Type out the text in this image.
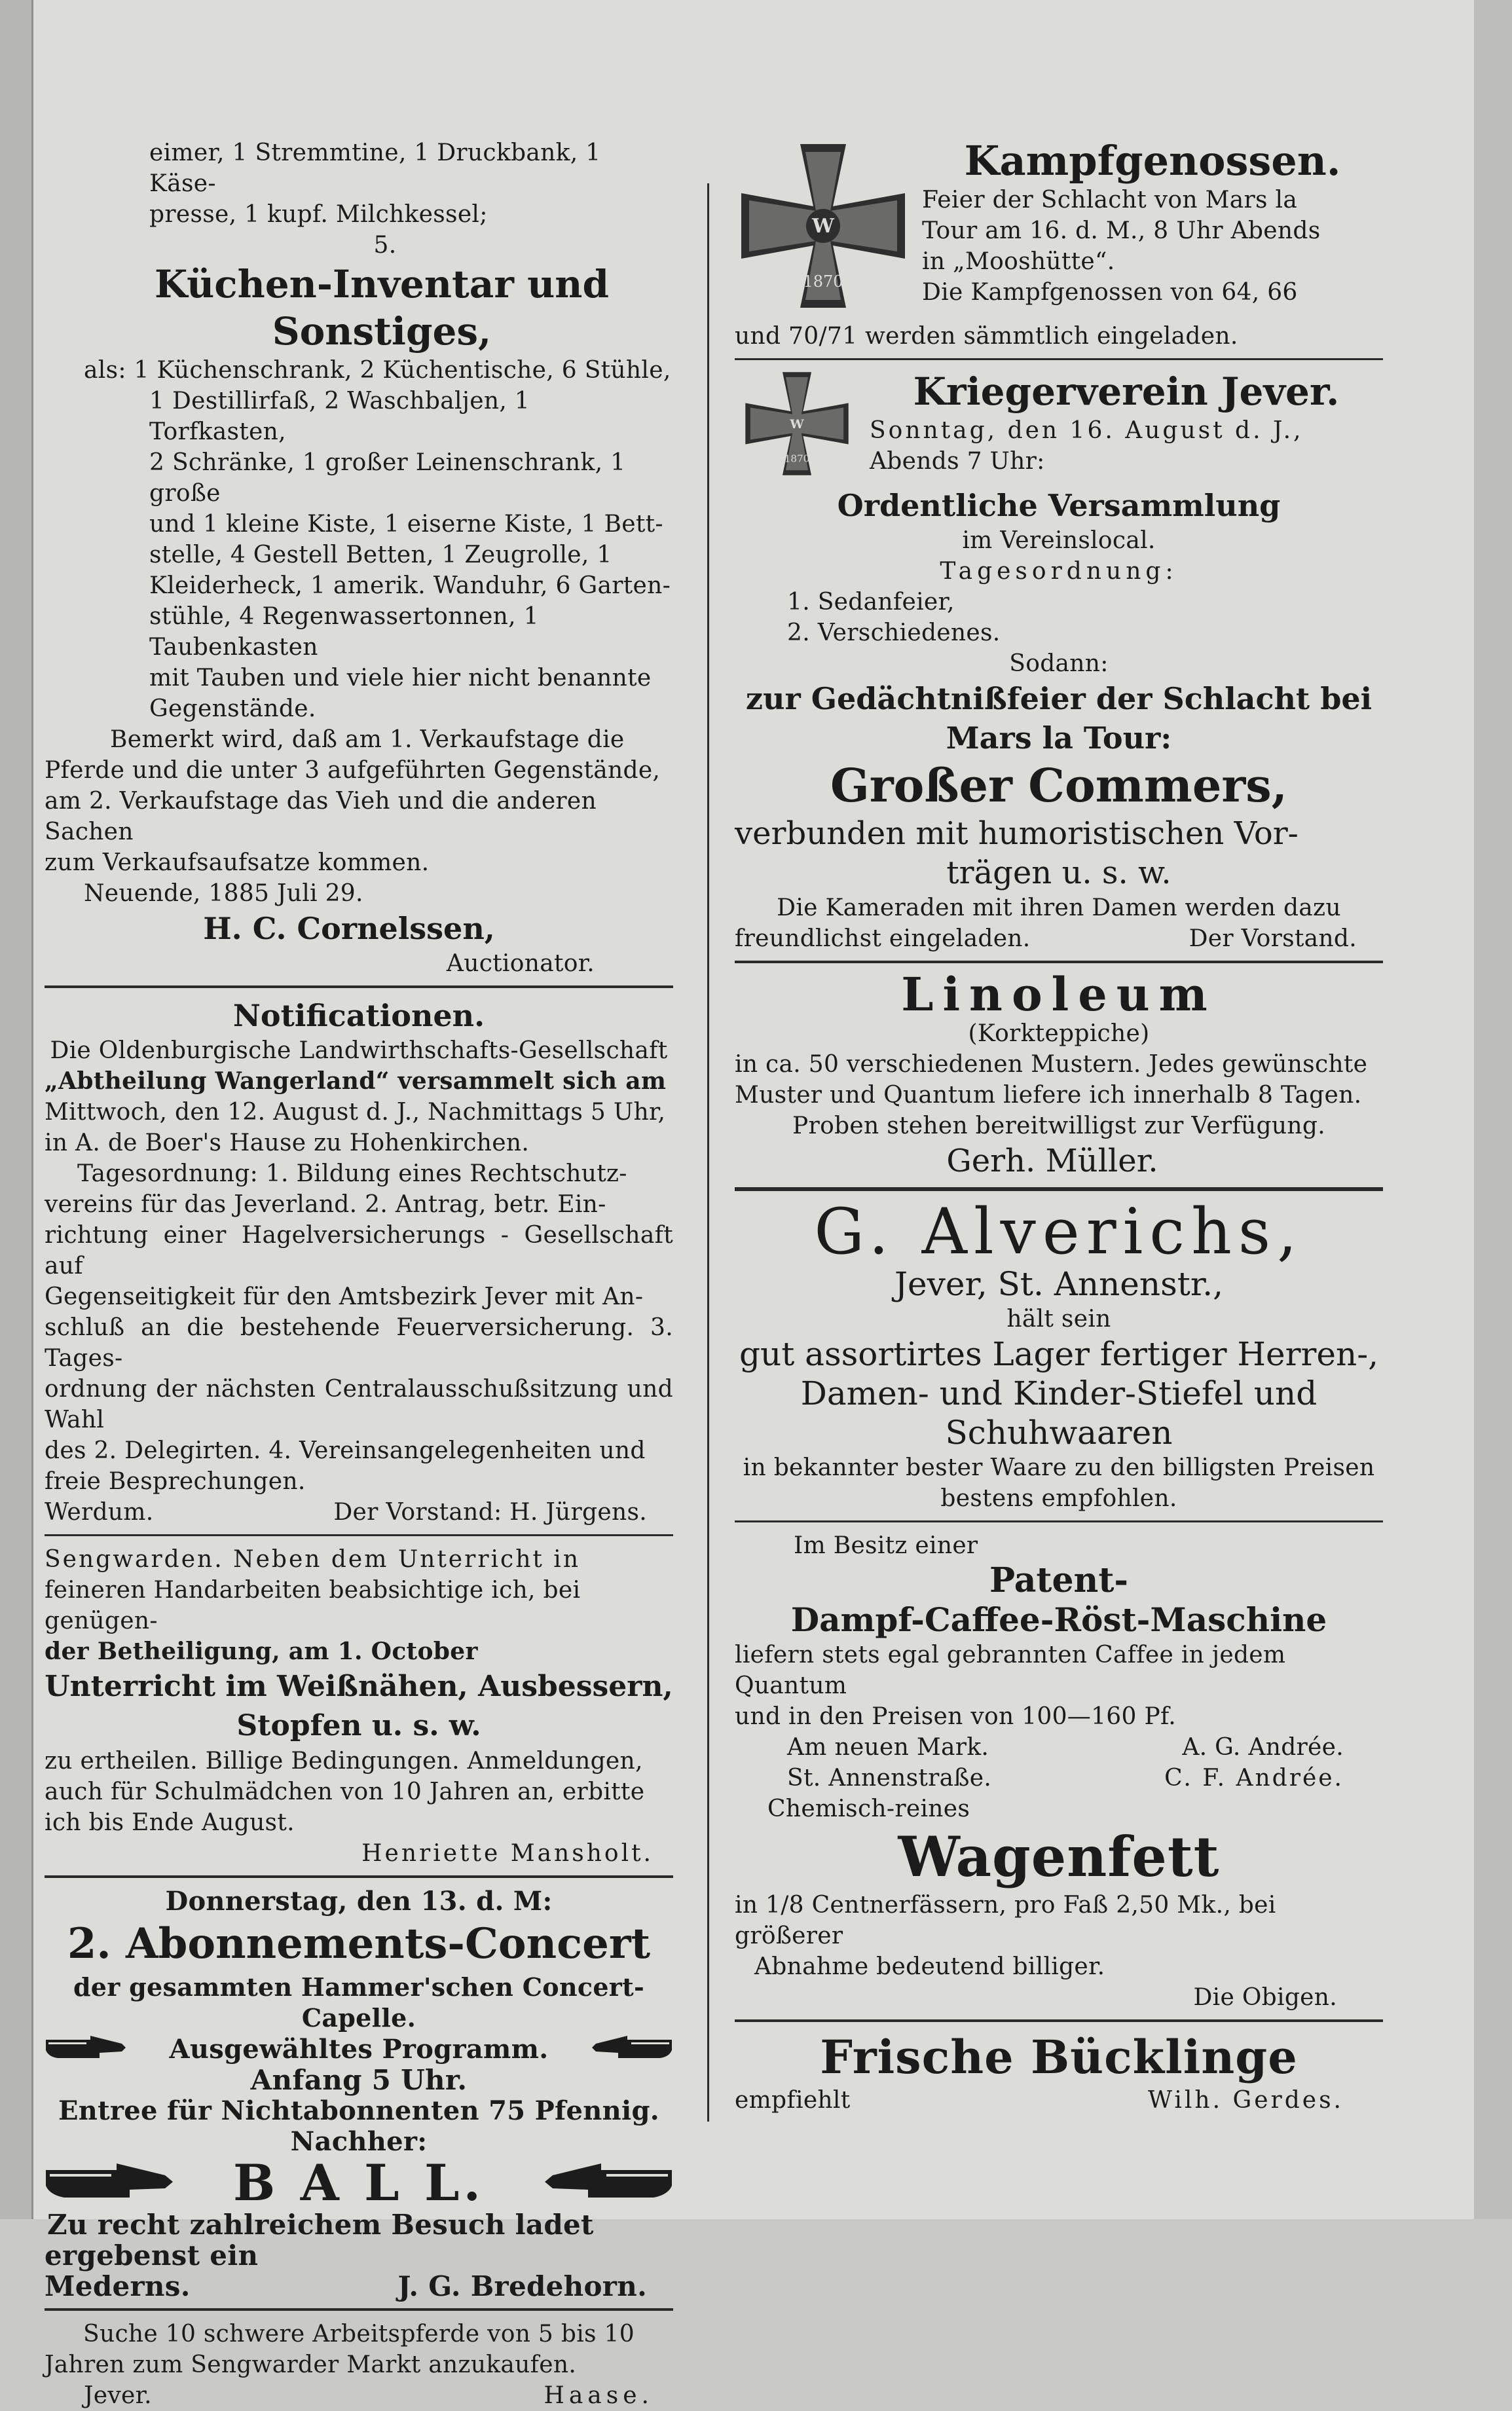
eimer, 1 Stremmtine, 1 Druckbank, 1 Käse-

presse, 1 kupf. Milchkessel;

5.

Küchen-Inventar und

Sonstiges,

als: 1 Küchenschrank, 2 Küchentische, 6 Stühle,

1 Destillirfaß, 2 Waschbaljen, 1 Torfkasten,

2 Schränke, 1 großer Leinenschrank, 1 große

und 1 kleine Kiste, 1 eiserne Kiste, 1 Bett-

stelle, 4 Gestell Betten, 1 Zeugrolle, 1

Kleiderheck, 1 amerik. Wanduhr, 6 Garten-

stühle, 4 Regenwassertonnen, 1 Taubenkasten

mit Tauben und viele hier nicht benannte

Gegenstände.

Bemerkt wird, daß am 1. Verkaufstage die

Pferde und die unter 3 aufgeführten Gegenstände,

am 2. Verkaufstage das Vieh und die anderen Sachen

zum Verkaufsaufsatze kommen.

Neuende, 1885 Juli 29.

H. C. Cornelssen,

Auctionator.

Notificationen.

Die Oldenburgische Landwirthschafts-Gesellschaft

„Abtheilung Wangerland“ versammelt sich am

Mittwoch, den 12. August d. J., Nachmittags 5 Uhr,

in A. de Boer's Hause zu Hohenkirchen.

Tagesordnung: 1. Bildung eines Rechtschutz-

vereins für das Jeverland. 2. Antrag, betr. Ein-

richtung einer Hagelversicherungs - Gesellschaft auf

Gegenseitigkeit für den Amtsbezirk Jever mit An-

schluß an die bestehende Feuerversicherung. 3. Tages-

ordnung der nächsten Centralausschußsitzung und Wahl

des 2. Delegirten. 4. Vereinsangelegenheiten und

freie Besprechungen.

Werdum.	Der Vorstand: H. Jürgens.

Sengwarden. Neben dem Unterricht in

feineren Handarbeiten beabsichtige ich, bei genügen-

der Betheiligung, am 1. October

Unterricht im Weißnähen, Ausbessern,

Stopfen u. s. w.

zu ertheilen. Billige Bedingungen. Anmeldungen,

auch für Schulmädchen von 10 Jahren an, erbitte

ich bis Ende August.

Henriette Mansholt.

Donnerstag, den 13. d. M:

2. Abonnements-Concert

der gesammten Hammer'schen Concert-

Capelle.

Ausgewähltes Programm.

Anfang 5 Uhr.

Entree für Nichtabonnenten 75 Pfennig.

Nachher:

B A L L.

Zu recht zahlreichem Besuch ladet

ergebenst ein

Mederns.	J. G. Bredehorn.

Suche 10 schwere Arbeitspferde von 5 bis 10

Jahren zum Sengwarder Markt anzukaufen.

Jever.	Haase.
W
1870

Kampfgenossen.

Feier der Schlacht von Mars la

Tour am 16. d. M., 8 Uhr Abends

in „Mooshütte“.

Die Kampfgenossen von 64, 66

und 70/71 werden sämmtlich eingeladen.

W
1870

Kriegerverein Jever.

Sonntag, den 16. August d. J.,

Abends 7 Uhr:

Ordentliche Versammlung

im Vereinslocal.

Tagesordnung:

1. Sedanfeier,

2. Verschiedenes.

Sodann:

zur Gedächtnißfeier der Schlacht bei

Mars la Tour:

Großer Commers,

verbunden mit humoristischen Vor-

trägen u. s. w.

Die Kameraden mit ihren Damen werden dazu

freundlichst eingeladen.	Der Vorstand.

Linoleum

(Korkteppiche)

in ca. 50 verschiedenen Mustern. Jedes gewünschte

Muster und Quantum liefere ich innerhalb 8 Tagen.

Proben stehen bereitwilligst zur Verfügung.

Gerh. Müller.

G. Alverichs,

Jever, St. Annenstr.,

hält sein

gut assortirtes Lager fertiger Herren-,

Damen- und Kinder-Stiefel und

Schuhwaaren

in bekannter bester Waare zu den billigsten Preisen

bestens empfohlen.

Im Besitz einer

Patent-

Dampf-Caffee-Röst-Maschine

liefern stets egal gebrannten Caffee in jedem Quantum

und in den Preisen von 100—160 Pf.

Am neuen Mark.	A. G. Andrée.
St. Annenstraße.	C. F. Andrée.

Chemisch-reines

Wagenfett

in 1/8 Centnerfässern, pro Faß 2,50 Mk., bei größerer

Abnahme bedeutend billiger.

Die Obigen.

Frische Bücklinge

empfiehlt	Wilh. Gerdes.
